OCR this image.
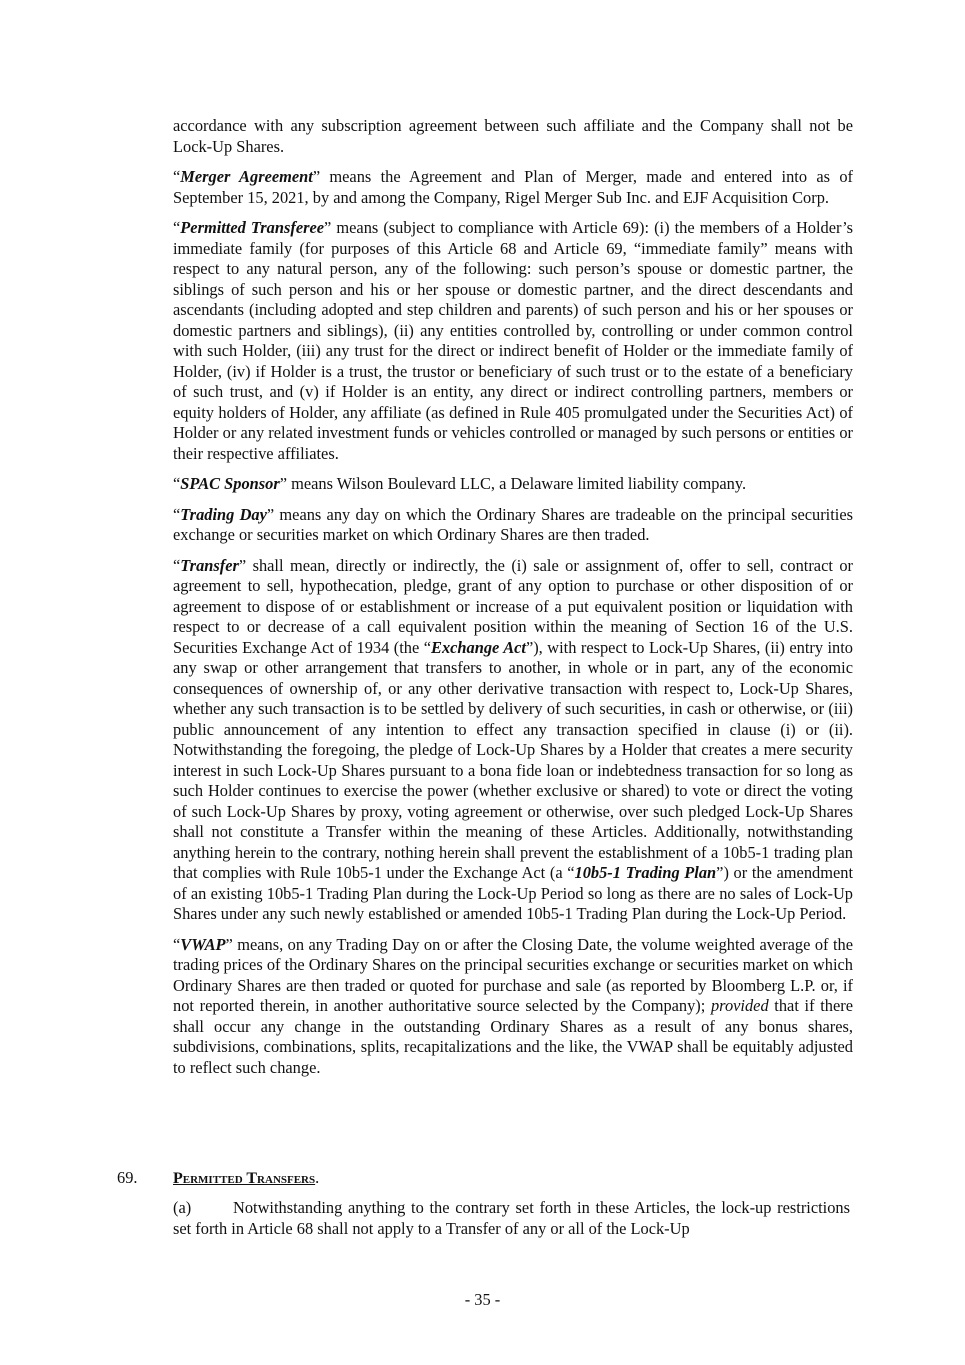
accordance with any subscription agreement between such affiliate and the Company shall not be Lock-Up Shares.

“Merger Agreement” means the Agreement and Plan of Merger, made and entered into as of September 15, 2021, by and among the Company, Rigel Merger Sub Inc. and EJF Acquisition Corp.

“Permitted Transferee” means (subject to compliance with Article 69): (i) the members of a Holder’s immediate family (for purposes of this Article 68 and Article 69, “immediate family” means with respect to any natural person, any of the following: such person’s spouse or domestic partner, the siblings of such person and his or her spouse or domestic partner, and the direct descendants and ascendants (including adopted and step children and parents) of such person and his or her spouses or domestic partners and siblings), (ii) any entities controlled by, controlling or under common control with such Holder, (iii) any trust for the direct or indirect benefit of Holder or the immediate family of Holder, (iv) if Holder is a trust, the trustor or beneficiary of such trust or to the estate of a beneficiary of such trust, and (v) if Holder is an entity, any direct or indirect controlling partners, members or equity holders of Holder, any affiliate (as defined in Rule 405 promulgated under the Securities Act) of Holder or any related investment funds or vehicles controlled or managed by such persons or entities or their respective affiliates.

“SPAC Sponsor” means Wilson Boulevard LLC, a Delaware limited liability company.

“Trading Day” means any day on which the Ordinary Shares are tradeable on the principal securities exchange or securities market on which Ordinary Shares are then traded.

“Transfer” shall mean, directly or indirectly, the (i) sale or assignment of, offer to sell, contract or agreement to sell, hypothecation, pledge, grant of any option to purchase or other disposition of or agreement to dispose of or establishment or increase of a put equivalent position or liquidation with respect to or decrease of a call equivalent position within the meaning of Section 16 of the U.S. Securities Exchange Act of 1934 (the “Exchange Act”), with respect to Lock-Up Shares, (ii) entry into any swap or other arrangement that transfers to another, in whole or in part, any of the economic consequences of ownership of, or any other derivative transaction with respect to, Lock-Up Shares, whether any such transaction is to be settled by delivery of such securities, in cash or otherwise, or (iii) public announcement of any intention to effect any transaction specified in clause (i) or (ii). Notwithstanding the foregoing, the pledge of Lock-Up Shares by a Holder that creates a mere security interest in such Lock-Up Shares pursuant to a bona fide loan or indebtedness transaction for so long as such Holder continues to exercise the power (whether exclusive or shared) to vote or direct the voting of such Lock-Up Shares by proxy, voting agreement or otherwise, over such pledged Lock-Up Shares shall not constitute a Transfer within the meaning of these Articles. Additionally, notwithstanding anything herein to the contrary, nothing herein shall prevent the establishment of a 10b5-1 trading plan that complies with Rule 10b5-1 under the Exchange Act (a “10b5-1 Trading Plan”) or the amendment of an existing 10b5-1 Trading Plan during the Lock-Up Period so long as there are no sales of Lock-Up Shares under any such newly established or amended 10b5-1 Trading Plan during the Lock-Up Period.

“VWAP” means, on any Trading Day on or after the Closing Date, the volume weighted average of the trading prices of the Ordinary Shares on the principal securities exchange or securities market on which Ordinary Shares are then traded or quoted for purchase and sale (as reported by Bloomberg L.P. or, if not reported therein, in another authoritative source selected by the Company); provided that if there shall occur any change in the outstanding Ordinary Shares as a result of any bonus shares, subdivisions, combinations, splits, recapitalizations and the like, the VWAP shall be equitably adjusted to reflect such change.

69. Permitted Transfers.

(a)	Notwithstanding anything to the contrary set forth in these Articles, the lock-up restrictions set forth in Article 68 shall not apply to a Transfer of any or all of the Lock-Up

- 35 -
